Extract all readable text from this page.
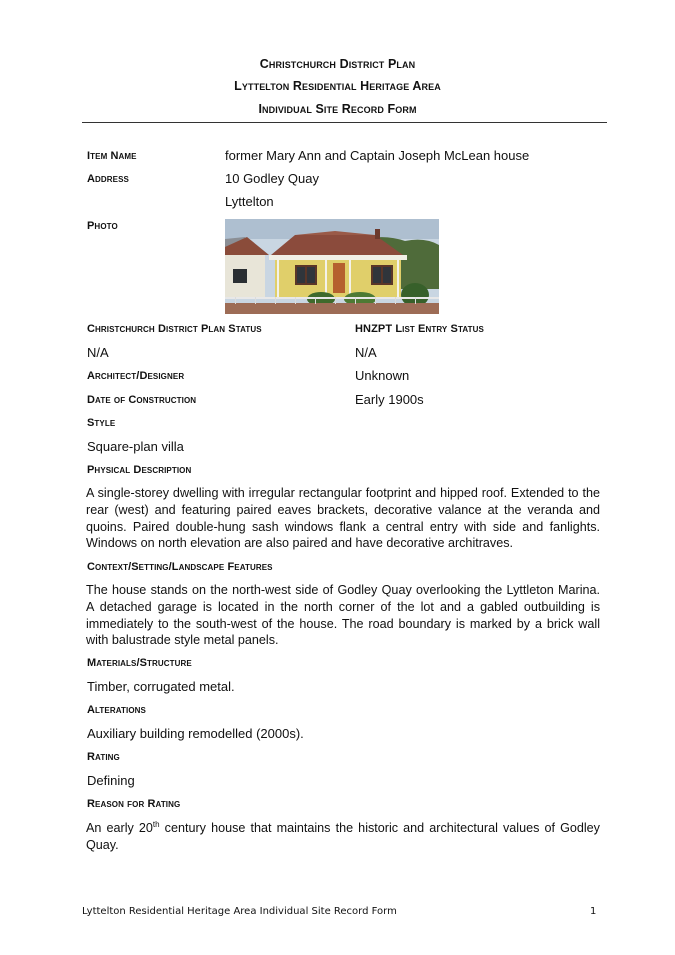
Christchurch District Plan
Lyttelton Residential Heritage Area
Individual Site Record Form
Item Name	former Mary Ann and Captain Joseph McLean house
Address	10 Godley Quay
Lyttelton
Photo
Christchurch District Plan Status	HNZPT List Entry Status
N/A	N/A
Architect/Designer	Unknown
Date of Construction	Early 1900s
Style
Square-plan villa
Physical Description
A single-storey dwelling with irregular rectangular footprint and hipped roof. Extended to the rear (west) and featuring paired eaves brackets, decorative valance at the veranda and quoins. Paired double-hung sash windows flank a central entry with side and fanlights. Windows on north elevation are also paired and have decorative architraves.
Context/Setting/Landscape Features
The house stands on the north-west side of Godley Quay overlooking the Lyttleton Marina. A detached garage is located in the north corner of the lot and a gabled outbuilding is immediately to the south-west of the house. The road boundary is marked by a brick wall with balustrade style metal panels.
Materials/Structure
Timber, corrugated metal.
Alterations
Auxiliary building remodelled (2000s).
Rating
Defining
Reason for Rating
An early 20th century house that maintains the historic and architectural values of Godley Quay.
Lyttelton Residential Heritage Area Individual Site Record Form	1
